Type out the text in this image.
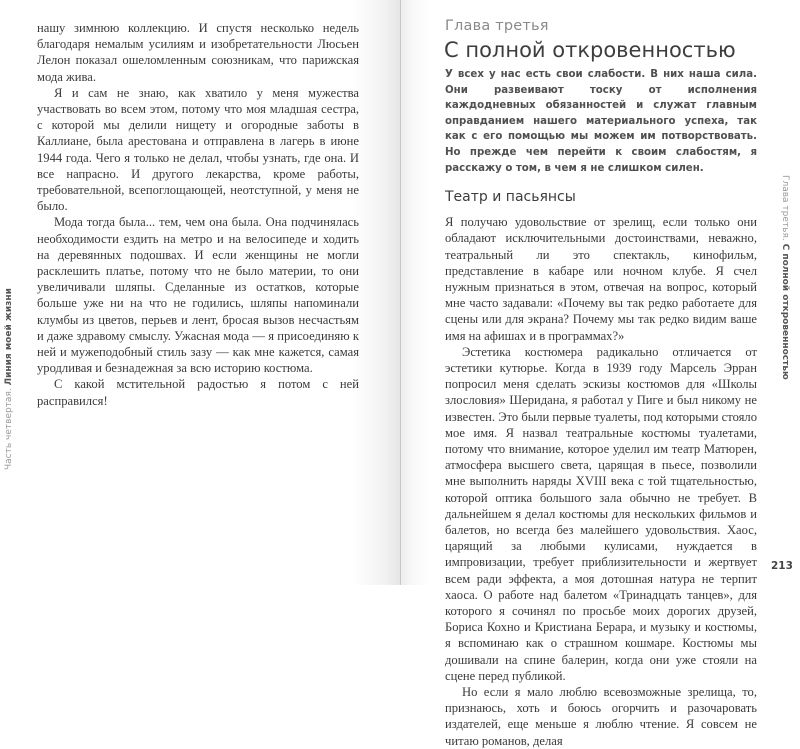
нашу зимнюю коллекцию. И спустя несколько недель благодаря немалым усилиям и изобретательности Люсьен Лелон показал ошеломленным союзникам, что парижская мода жива.

Я и сам не знаю, как хватило у меня мужества участвовать во всем этом, потому что моя младшая сестра, с которой мы делили нищету и огородные заботы в Каллиане, была арестована и отправлена в лагерь в июне 1944 года. Чего я только не делал, чтобы узнать, где она. И все напрасно. И другого лекарства, кроме работы, требовательной, всепоглощающей, неотступной, у меня не было.

Мода тогда была... тем, чем она была. Она подчинялась необходимости ездить на метро и на велосипеде и ходить на деревянных подошвах. И если женщины не могли расклешить платье, потому что не было материи, то они увеличивали шляпы. Сделанные из остатков, которые больше уже ни на что не годились, шляпы напоминали клумбы из цветов, перьев и лент, бросая вызов несчастьям и даже здравому смыслу. Ужасная мода — я присоединяю к ней и мужеподобный стиль зазу — как мне кажется, самая уродливая и безнадежная за всю историю костюма.

С какой мстительной радостью я потом с ней расправился!

Часть четвертая. Линия моей жизни
Глава третья
С полной откровенностью

У всех у нас есть свои слабости. В них наша сила. Они развеивают тоску от исполнения каждодневных обязанностей и служат главным оправданием нашего материального успеха, так как с его помощью мы можем им потворствовать. Но прежде чем перейти к своим слабостям, я расскажу о том, в чем я не слишком силен.

Театр и пасьянсы

Я получаю удовольствие от зрелищ, если только они обладают исключительными достоинствами, неважно, театральный ли это спектакль, кинофильм, представление в кабаре или ночном клубе. Я счел нужным признаться в этом, отвечая на вопрос, который мне часто задавали: «Почему вы так редко работаете для сцены или для экрана? Почему мы так редко видим ваше имя на афишах и в программах?»

Эстетика костюмера радикально отличается от эстетики кутюрье. Когда в 1939 году Марсель Эрран попросил меня сделать эскизы костюмов для «Школы злословия» Шеридана, я работал у Пиге и был никому не известен. Это были первые туалеты, под которыми стояло мое имя. Я назвал театральные костюмы туалетами, потому что внимание, которое уделил им театр Матюрен, атмосфера высшего света, царящая в пьесе, позволили мне выполнить наряды XVIII века с той тщательностью, которой оптика большого зала обычно не требует. В дальнейшем я делал костюмы для нескольких фильмов и балетов, но всегда без малейшего удовольствия. Хаос, царящий за любыми кулисами, нуждается в импровизации, требует приблизительности и жертвует всем ради эффекта, а моя дотошная натура не терпит хаоса. О работе над балетом «Тринадцать танцев», для которого я сочинял по просьбе моих дорогих друзей, Бориса Кохно и Кристиана Берара, и музыку и костюмы, я вспоминаю как о страшном кошмаре. Костюмы мы дошивали на спине балерин, когда они уже стояли на сцене перед публикой.

Но если я мало люблю всевозможные зрелища, то, признаюсь, хоть и боюсь огорчить и разочаровать издателей, еще меньше я люблю чтение. Я совсем не читаю романов, делая

Глава третья. С полной откровенностью
213
